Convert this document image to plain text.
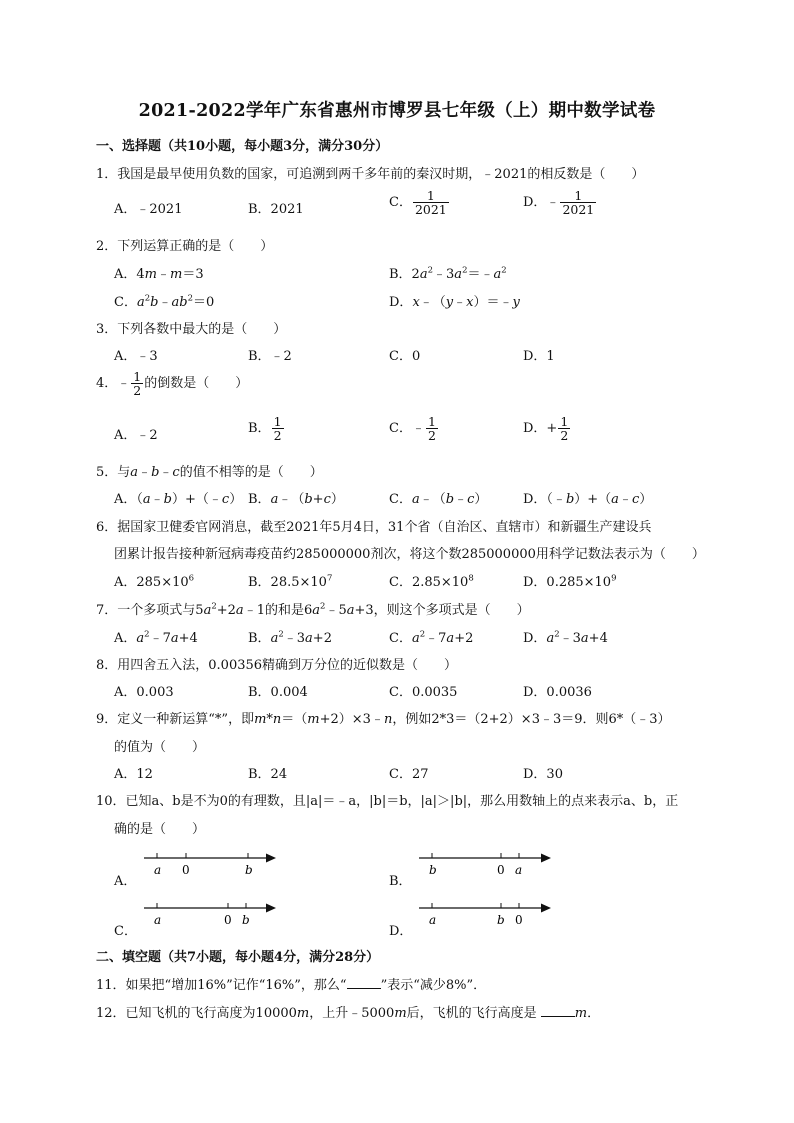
2021-2022学年广东省惠州市博罗县七年级（上）期中数学试卷
一、选择题（共10小题，每小题3分，满分30分）
1．我国是最早使用负数的国家，可追溯到两千多年前的秦汉时期，﹣2021的相反数是（　　）
A．﹣2021	B．2021	C． $\frac{1}{2021}$	D．﹣ $\frac{1}{2021}$
2．下列运算正确的是（　　）
A．4m﹣m＝3	B．$2a^2﹣3a^2=﹣a^2$
C．$a^2b﹣ab^2=0$	D．x﹣（y﹣x）＝﹣y
3．下列各数中最大的是（　　）
A．﹣3	B．﹣2	C．0	D．1
4．﹣ $\frac{1}{2}$ 的倒数是（　　）
A．﹣2	B． $\frac{1}{2}$	C．﹣ $\frac{1}{2}$	D．+ $\frac{1}{2}$
5．与a﹣b﹣c的值不相等的是（　　）
A．（a﹣b）+（﹣c） B．a﹣（b+c）	C．a﹣（b﹣c）	D．（﹣b）+（a﹣c）
6．据国家卫健委官网消息，截至2021年5月4日，31个省（自治区、直辖市）和新疆生产建设兵
团累计报告接种新冠病毒疫苗约285000000剂次，将这个数285000000用科学记数法表示为（　　）
A．$285\times 10^6$	B．$28.5\times 10^7$	C．$2.85\times 10^8$	D．$0.285\times 10^9$
7．一个多项式与$5a^2+2a﹣1$的和是$6a^2﹣5a+3$，则这个多项式是（　　）
A．$a^2﹣7a+4$	B．$a^2﹣3a+2$	C．$a^2﹣7a+2$	D．$a^2﹣3a+4$
8．用四舍五入法，0.00356精确到万分位的近似数是（　　）
A．0.003	B．0.004	C．0.0035	D．0.0036
9．定义一种新运算“*”，即m*n＝（m+2）×3﹣n，例如2*3＝（2+2）×3﹣3＝9．则6*（﹣3）
的值为（　　）
A．12	B．24	C．27	D．30
10．已知a、b是不为0的有理数，且|a|＝﹣a，|b|＝b，|a|＞|b|，那么用数轴上的点来表示a、b，正
确的是（　　）
A．
a 0	b
B．
b	0 a
C．
a	0 b
D．
a	b 0
二、填空题（共7小题，每小题4分，满分28分）
11．如果把“增加16%”记作“16%”，那么“	”表示“减少8%”．
12．已知飞机的飞行高度为10000m，上升﹣5000m后，飞机的飞行高度是	m．
